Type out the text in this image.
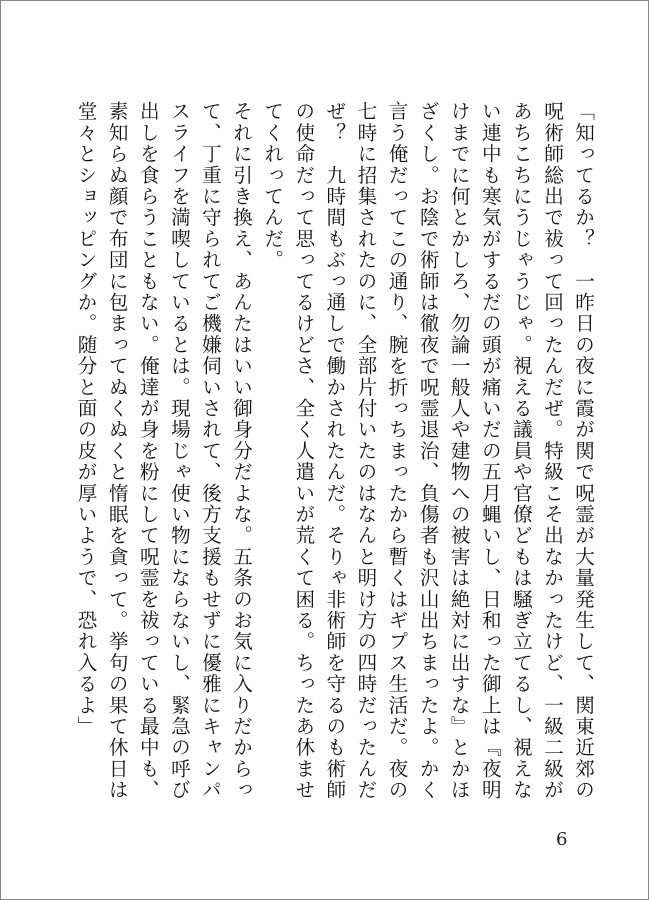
「知ってるか？　一昨日の夜に霞が関で呪霊が大量発生して、関東近郊の呪術師総出で祓って回ったんだぜ。特級こそ出なかったけど、一級二級があちこちにうじゃうじゃ。視える議員や官僚どもは騒ぎ立てるし、視えない連中も寒気がするだの頭が痛いだの五月蝿いし、日和った御上は『夜明けまでに何とかしろ、勿論一般人や建物への被害は絶対に出すな』とかほざくし。お陰で術師は徹夜で呪霊退治、負傷者も沢山出ちまったよ。かく言う俺だってこの通り、腕を折っちまったから暫くはギプス生活だ。夜の七時に招集されたのに、全部片付いたのはなんと明け方の四時だったんだぜ？　九時間もぶっ通しで働かされたんだ。そりゃ非術師を守るのも術師の使命だって思ってるけどさ、全く人遣いが荒くて困る。ちったあ休ませてくれってんだ。
それに引き換え、あんたはいい御身分だよな。五条のお気に入りだからって、丁重に守られてご機嫌伺いされて、後方支援もせずに優雅にキャンパスライフを満喫しているとは。現場じゃ使い物にならないし、緊急の呼び出しを食らうこともない。俺達が身を粉にして呪霊を祓っている最中も、素知らぬ顔で布団に包まってぬくぬくと惰眠を貪って。挙句の果て休日は堂々とショッピングか。随分と面の皮が厚いようで、恐れ入るよ」
6
